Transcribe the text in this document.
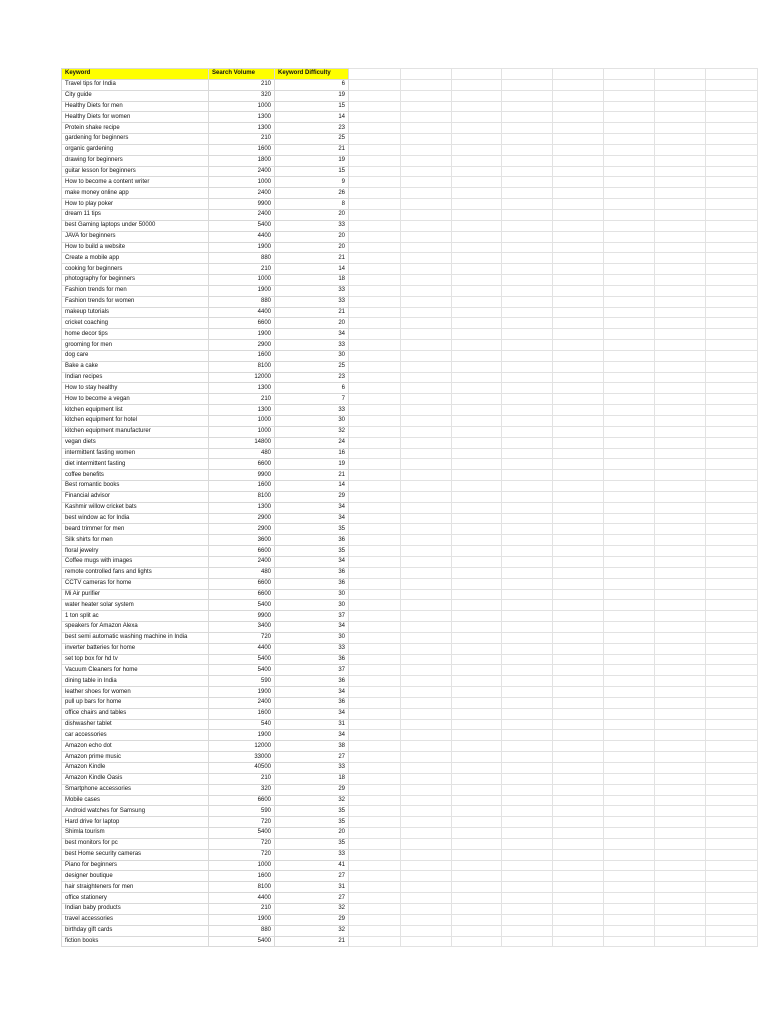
Keyword	Search Volume	Keyword Difficulty								
Travel tips for India	210	6								
City guide	320	19								
Healthy Diets for men	1000	15								
Healthy Diets for women	1300	14								
Protein shake recipe	1300	23								
gardening for beginners	210	25								
organic gardening	1600	21								
drawing for beginners	1800	19								
guitar lesson for beginners	2400	15								
How to become a content writer	1000	9								
make money online app	2400	26								
How to play poker	9900	8								
dream 11 tips	2400	20								
best Gaming laptops under 50000	5400	33								
JAVA for beginners	4400	20								
How to build a website	1900	20								
Create a mobile app	880	21								
cooking for beginners	210	14								
photography for beginners	1000	18								
Fashion trends for men	1900	33								
Fashion trends for women	880	33								
makeup tutorials	4400	21								
cricket coaching	6600	20								
home decor tips	1900	34								
grooming for men	2900	33								
dog care	1600	30								
Bake a cake	8100	25								
Indian recipes	12000	23								
How to stay healthy	1300	6								
How to become a vegan	210	7								
kitchen equipment list	1300	33								
kitchen equipment for hotel	1000	30								
kitchen equipment manufacturer	1000	32								
vegan diets	14800	24								
intermittent fasting women	480	16								
diet intermittent fasting	6600	19								
coffee benefits	9900	21								
Best romantic books	1600	14								
Financial advisor	8100	29								
Kashmir willow cricket bats	1300	34								
best window ac for India	2900	34								
beard trimmer for men	2900	35								
Silk shirts for men	3600	36								
floral jewelry	6600	35								
Coffee mugs with images	2400	34								
remote controlled fans and lights	480	36								
CCTV cameras for home	6600	36								
Mi Air purifier	6600	30								
water heater solar system	5400	30								
1 ton split ac	9900	37								
speakers for Amazon Alexa	3400	34								
best semi automatic washing machine in India	720	30								
inverter batteries for home	4400	33								
set top box for hd tv	5400	36								
Vacuum Cleaners for home	5400	37								
dining table in India	590	36								
leather shoes for women	1900	34								
pull up bars for home	2400	36								
office chairs and tables	1600	34								
dishwasher tablet	540	31								
car accessories	1900	34								
Amazon echo dot	12000	38								
Amazon prime music	33000	27								
Amazon Kindle	40500	33								
Amazon Kindle Oasis	210	18								
Smartphone accessories	320	29								
Mobile cases	6600	32								
Android watches for Samsung	590	35								
Hard drive for laptop	720	35								
Shimla tourism	5400	20								
best monitors for pc	720	35								
best Home security cameras	720	33								
Piano for beginners	1000	41								
designer boutique	1600	27								
hair straighteners for men	8100	31								
office stationery	4400	27								
Indian baby products	210	32								
travel accessories	1900	29								
birthday gift cards	880	32								
fiction books	5400	21								
